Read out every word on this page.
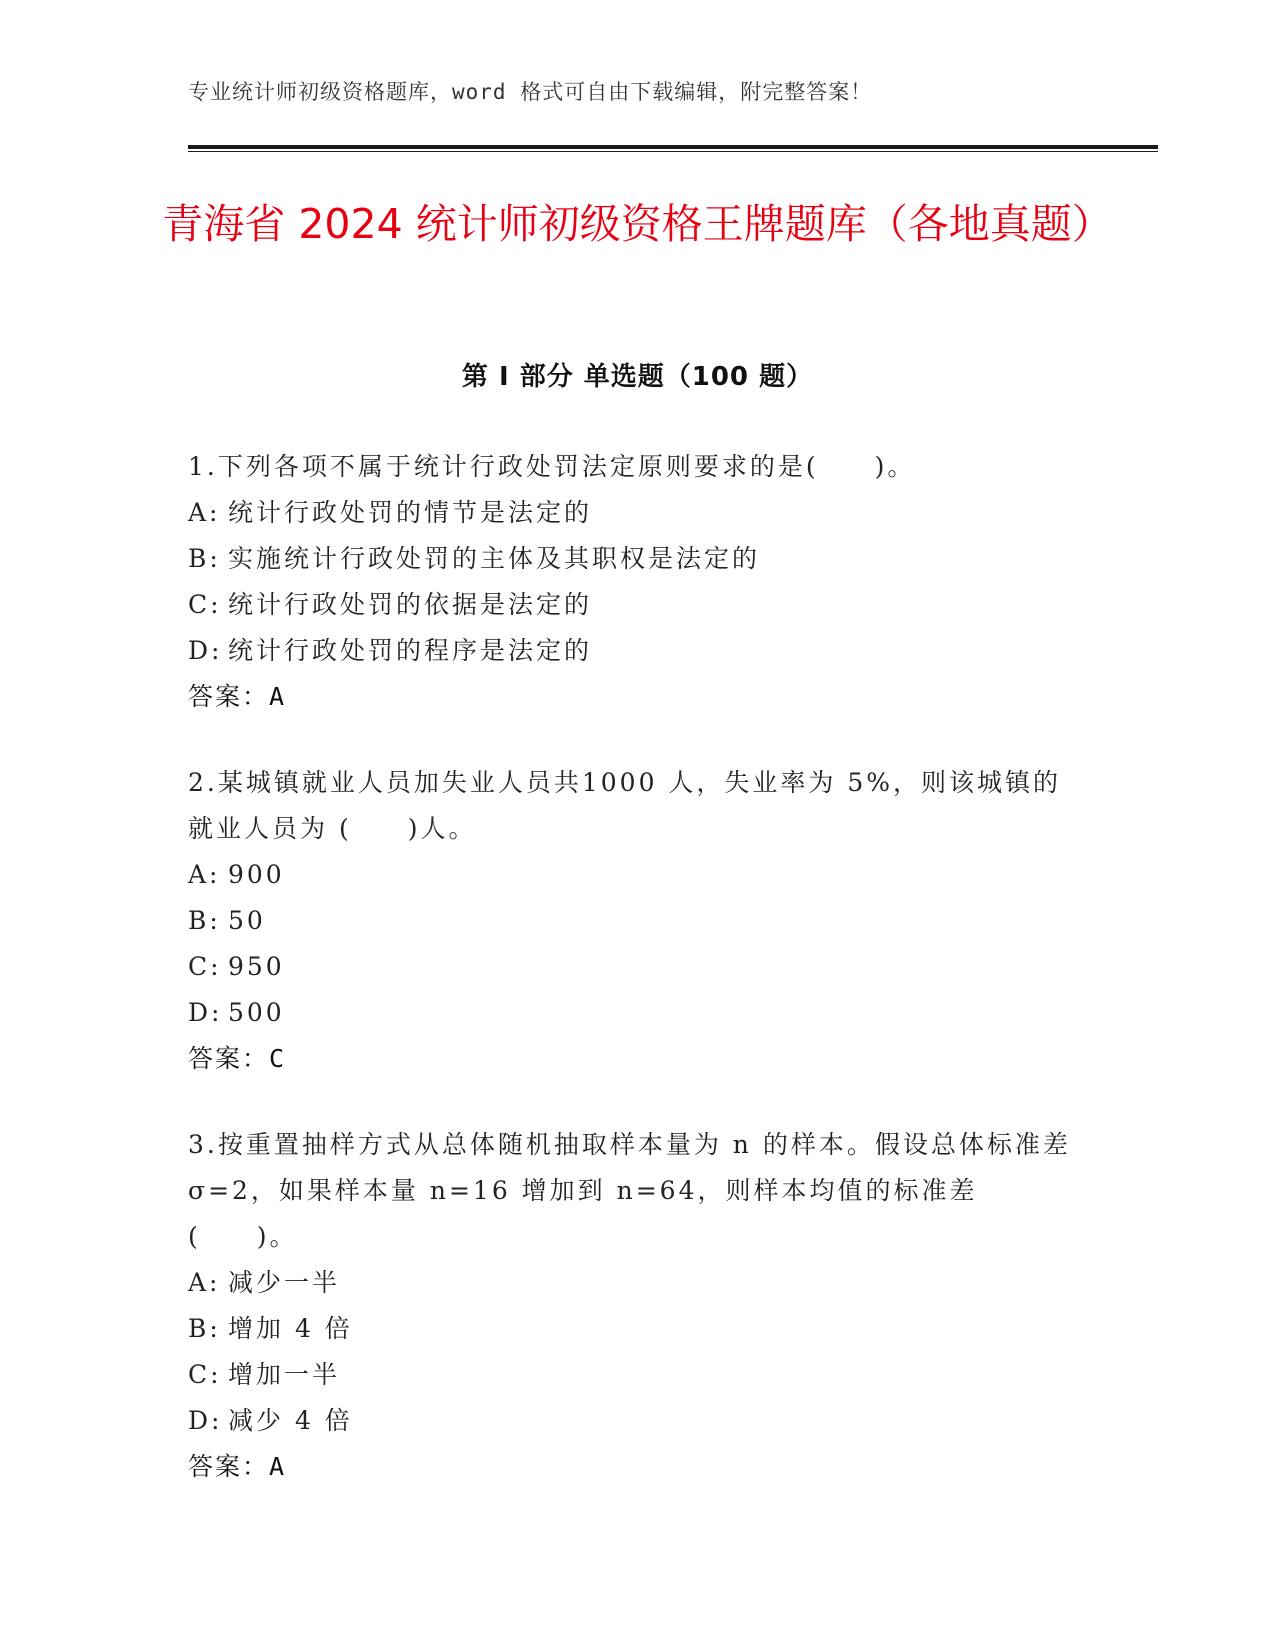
专业统计师初级资格题库，word 格式可自由下载编辑，附完整答案！
青海省 2024 统计师初级资格王牌题库（各地真题）
第 I 部分 单选题（100 题）

1.下列各项不属于统计行政处罚法定原则要求的是(　　)。

A: 统计行政处罚的情节是法定的

B: 实施统计行政处罚的主体及其职权是法定的

C: 统计行政处罚的依据是法定的

D: 统计行政处罚的程序是法定的

答案：A

2.某城镇就业人员加失业人员共1000 人，失业率为 5%，则该城镇的就业人员为 (　　)人。

A: 900

B: 50

C: 950

D: 500

答案：C

3.按重置抽样方式从总体随机抽取样本量为 n 的样本。假设总体标准差 σ=2，如果样本量 n=16 增加到 n=64，则样本均值的标准差(　　)。

A: 减少一半

B: 增加 4 倍

C: 增加一半

D: 减少 4 倍

答案：A
